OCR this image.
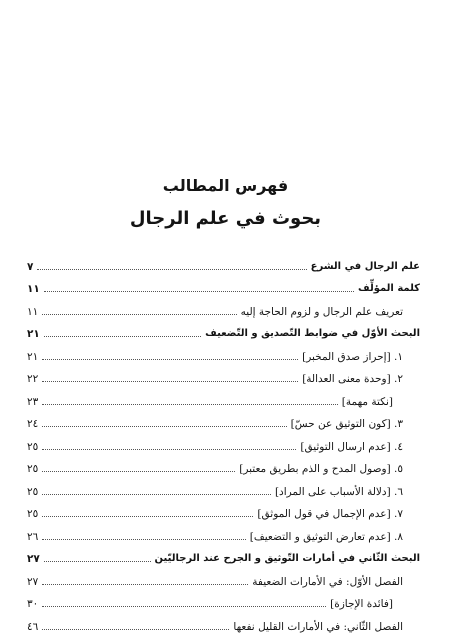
فهرس المطالب
بحوث في علم الرجال
علم الرجال في الشرع
٧
كلمة المؤلِّف
١١
تعريف علم الرجال و لزوم الحاجة إليه
١١
البحث الأوّل في ضوابط التّصديق و التّضعيف
٢١
١. [إحراز صدق المخبر]
٢١
٢. [وحدة معنى العدالة]
٢٢
[نكتة مهمة]
٢٣
٣. [كون التوثيق عن حسّ]
٢٤
٤. [عدم ارسال التوثيق]
٢٥
٥. [وصول المدح و الذم بطريق معتبر]
٢٥
٦. [دلالة الأسباب على المراد]
٢٥
٧. [عدم الإجمال في قول الموثق]
٢٥
٨. [عدم تعارض التوثيق و التضعيف]
٢٦
البحث الثّاني في أمارات التّوثيق و الجرح عند الرجاليّين
٢٧
الفصل الأوّل: في الأمارات الضعيفة
٢٧
[فائدة الإجازة]
٣٠
الفصل الثّاني: في الأمارات القليل نفعها
٤٦
